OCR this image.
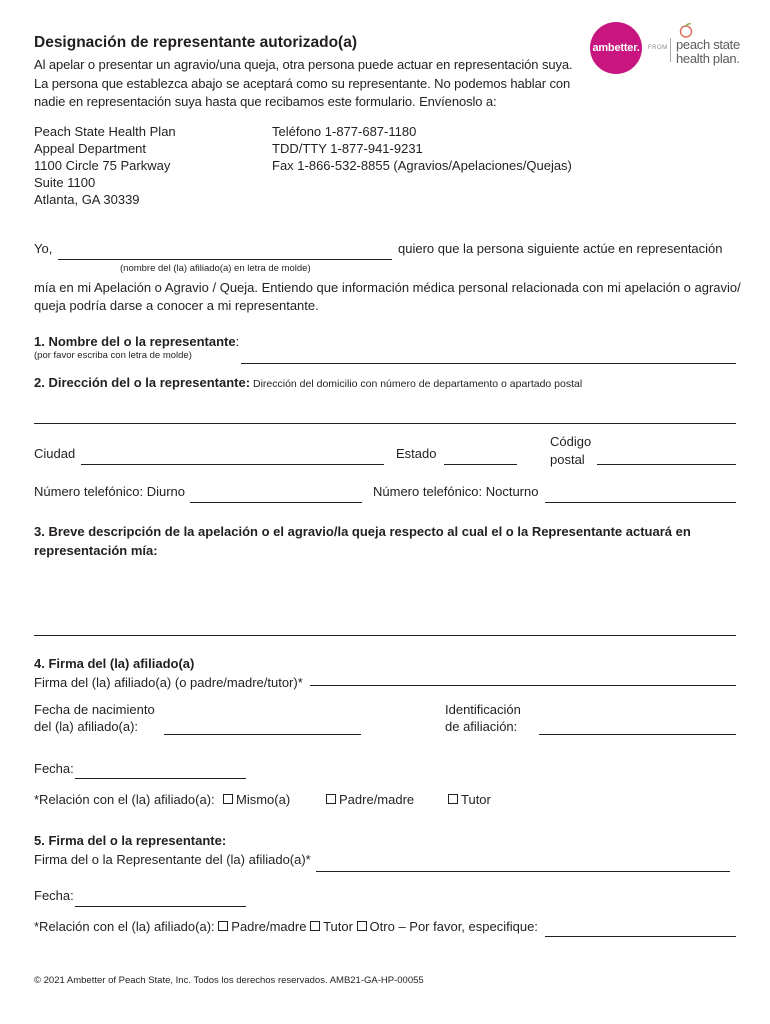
Designación de representante autorizado(a)
Al apelar o presentar un agravio/una queja, otra persona puede actuar en representación suya. La persona que establezca abajo se aceptará como su representante. No podemos hablar con nadie en representación suya hasta que recibamos este formulario. Envíenoslo a:
ambetter.	FROM peach state
health plan.
Peach State Health Plan
Appeal Department
1100 Circle 75 Parkway
Suite 1100
Atlanta, GA 30339
Teléfono 1-877-687-1180
TDD/TTY 1-877-941-9231
Fax 1-866-532-8855 (Agravios/Apelaciones/Quejas)
Yo,	quiero que la persona siguiente actúe en representación
(nombre del (la) afiliado(a) en letra de molde)
mía en mi Apelación o Agravio / Queja. Entiendo que información médica personal relacionada con mi apelación o agravio/
queja podría darse a conocer a mi representante.
1. Nombre del o la representante:
(por favor escriba con letra de molde)
2. Dirección del o la representante: Dirección del domicilio con número de departamento o apartado postal
Ciudad	Estado
Código
postal
Número telefónico: Diurno	Número telefónico: Nocturno
3. Breve descripción de la apelación o el agravio/la queja respecto al cual el o la Representante actuará en
representación mía:
4. Firma del (la) afiliado(a)
Firma del (la) afiliado(a) (o padre/madre/tutor)*
Fecha de nacimiento
del (la) afiliado(a):
Identificación
de afiliación:
Fecha:
*Relación con el (la) afiliado(a):	Mismo(a)	Padre/madre	Tutor
5. Firma del o la representante:
Firma del o la Representante del (la) afiliado(a)*
Fecha:
*Relación con el (la) afiliado(a): Padre/madre Tutor Otro – Por favor, especifique:
© 2021 Ambetter of Peach State, Inc. Todos los derechos reservados. AMB21-GA-HP-00055
